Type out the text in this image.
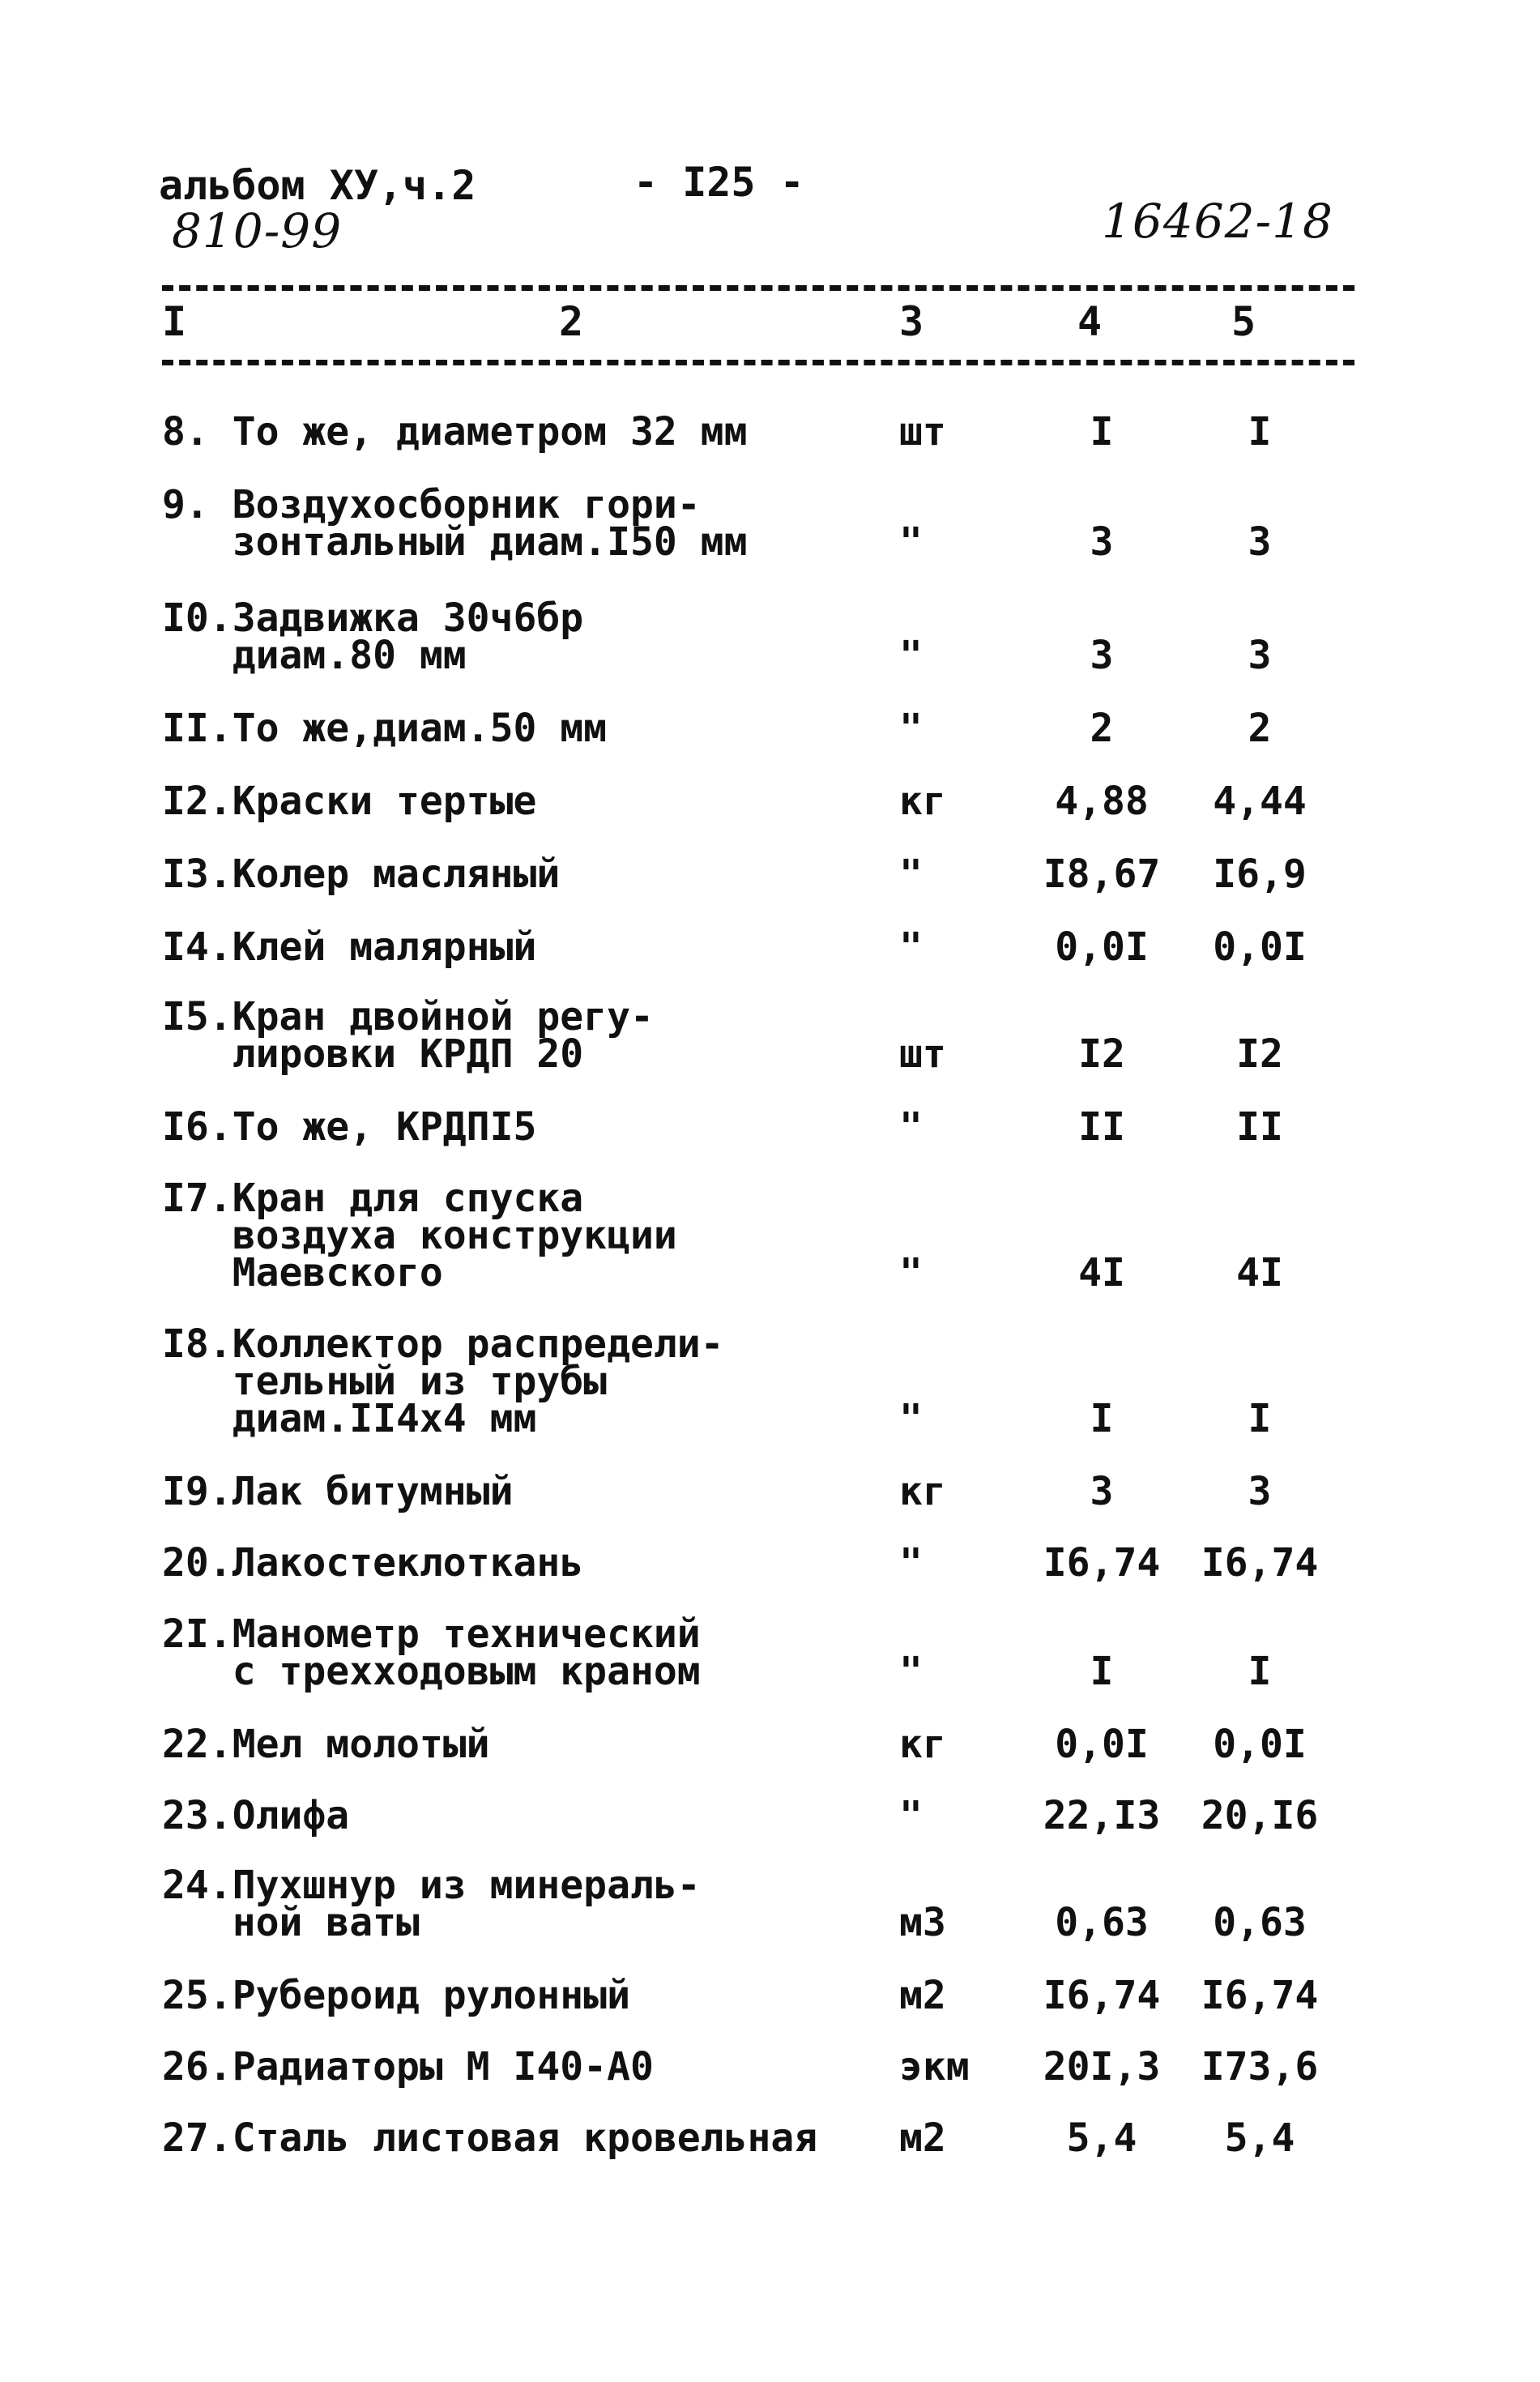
альбом ХУ,ч.2	- I25 -
810-99	16462-18
I	2	3	4	5
8. То же, диаметром 32 мм	шт	I	I
9. Воздухосборник гори-
зонтальный диам.I50 мм	"	3	3
I0.Задвижка 30ч6бр
диам.80 мм	"	3	3
II.То же,диам.50 мм	"	2	2
I2.Краски тертые	кг	4,88	4,44
I3.Колер масляный	"	I8,67	I6,9
I4.Клей малярный	"	0,0I	0,0I
I5.Кран двойной регу-
лировки КРДП 20	шт	I2	I2
I6.То же, КРДПI5	"	II	II
I7.Кран для спуска
воздуха конструкции
Маевского	"	4I	4I
I8.Коллектор распредели-
тельный из трубы
диам.II4х4 мм	"	I	I
I9.Лак битумный	кг	3	3
20.Лакостеклоткань	"	I6,74 I6,74
2I.Манометр технический
с трехходовым краном	"	I	I
22.Мел молотый	кг	0,0I	0,0I
23.Олифа	"	22,I3 20,I6
24.Пухшнур из минераль-
ной ваты	м3	0,63	0,63
25.Рубероид рулонный	м2 I6,74 I6,74
26.Радиаторы М I40-А0	экм 20I,3 I73,6
27.Сталь листовая кровельная м2	5,4	5,4
